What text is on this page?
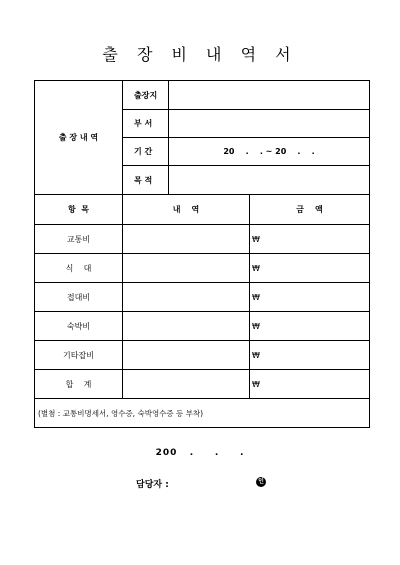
출 장 비 내 역 서
출 장 내 역	출장지		
	부 서		
	기 간	20    .    . ~ 20    .    .	
	목 적		
항  목	내    역		금    액
교통비			₩
식    대			₩
접대비			₩
숙박비			₩
기타잡비			₩
합    계			₩
(별첨 : 교통비명세서, 영수증, 숙박영수증 등 부착)			
200   .     .     .
담당자 :	인
